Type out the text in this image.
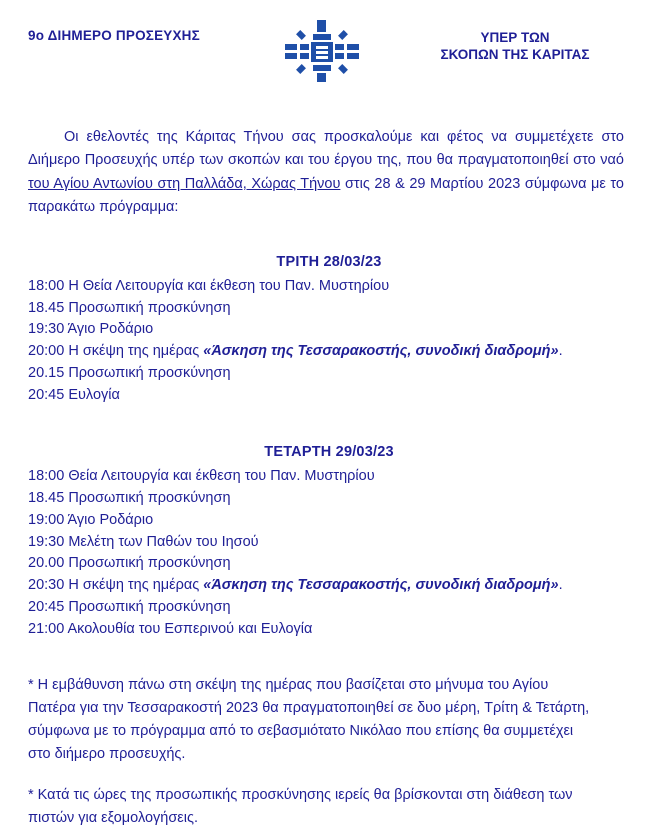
9ο ΔΙΗΜΕΡΟ ΠΡΟΣΕΥΧΗΣ	ΥΠΕΡ ΤΩΝ
ΣΚΟΠΩΝ ΤΗΣ ΚΑΡΙΤΑΣ

Οι εθελοντές της Κάριτας Τήνου σας προσκαλούμε και φέτος να συμμετέχετε στο Διήμερο Προσευχής υπέρ των σκοπών και του έργου της, που θα πραγματοποιηθεί στο ναό του Αγίου Αντωνίου στη Παλλάδα, Χώρας Τήνου στις 28 & 29 Μαρτίου 2023 σύμφωνα με το παρακάτω πρόγραμμα:

ΤΡΙΤΗ 28/03/23
18:00 Η Θεία Λειτουργία και έκθεση του Παν. Μυστηρίου
18.45 Προσωπική προσκύνηση
19:30 Άγιο Ροδάριο
20:00 Η σκέψη της ημέρας «Άσκηση της Τεσσαρακοστής, συνοδική διαδρομή».
20.15 Προσωπική προσκύνηση
20:45 Ευλογία
ΤΕΤΑΡΤΗ 29/03/23
18:00 Θεία Λειτουργία και έκθεση του Παν. Μυστηρίου
18.45 Προσωπική προσκύνηση
19:00 Άγιο Ροδάριο
19:30 Μελέτη των Παθών του Ιησού
20.00 Προσωπική προσκύνηση
20:30 Η σκέψη της ημέρας «Άσκηση της Τεσσαρακοστής, συνοδική διαδρομή».
20:45 Προσωπική προσκύνηση
21:00 Ακολουθία του Εσπερινού και Ευλογία

* Η εμβάθυνση πάνω στη σκέψη της ημέρας που βασίζεται στο μήνυμα του Αγίου Πατέρα για την Τεσσαρακοστή 2023 θα πραγματοποιηθεί σε δυο μέρη, Τρίτη & Τετάρτη, σύμφωνα με το πρόγραμμα από το σεβασμιότατο Νικόλαο που επίσης θα συμμετέχει στο διήμερο προσευχής.

* Κατά τις ώρες της προσωπικής προσκύνησης ιερείς θα βρίσκονται στη διάθεση των πιστών για εξομολογήσεις.
